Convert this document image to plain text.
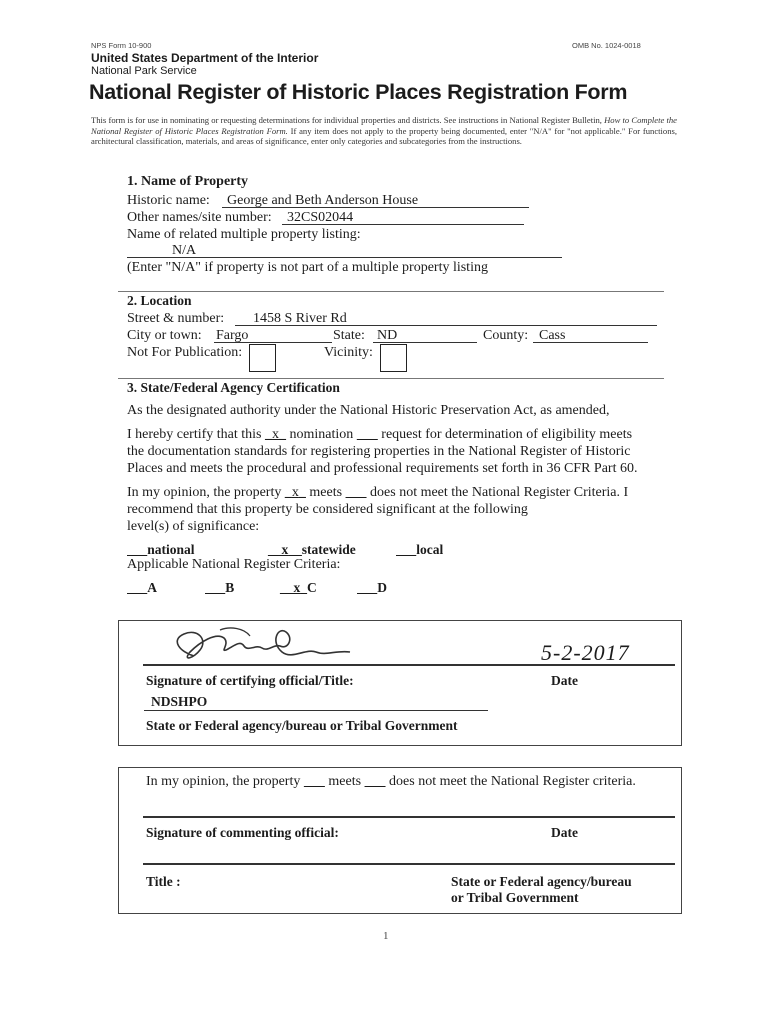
NPS Form 10-900	OMB No. 1024-0018
United States Department of the Interior
National Park Service
National Register of Historic Places Registration Form
This form is for use in nominating or requesting determinations for individual properties and districts. See instructions in National Register Bulletin, How to Complete the National Register of Historic Places Registration Form. If any item does not apply to the property being documented, enter "N/A" for "not applicable." For functions, architectural classification, materials, and areas of significance, enter only categories and subcategories from the instructions.
1. Name of Property
Historic name: George and Beth Anderson House
Other names/site number: 32CS02044
Name of related multiple property listing:
N/A
(Enter "N/A" if property is not part of a multiple property listing
2. Location
Street & number: 1458 S River Rd
City or town: Fargo	State: ND	County: Cass
Not For Publication:	Vicinity:
3. State/Federal Agency Certification
As the designated authority under the National Historic Preservation Act, as amended,
I hereby certify that this _x_ nomination        request for determination of eligibility meets
the documentation standards for registering properties in the National Register of Historic
Places and meets the procedural and professional requirements set forth in 36 CFR Part 60.
In my opinion, the property _x_ meets        does not meet the National Register Criteria. I
recommend that this property be considered significant at the following
level(s) of significance:
national	__x__statewide	local
Applicable National Register Criteria:
A	B	__x_C	D
5-2-2017
Signature of certifying official/Title:	Date
NDSHPO
State or Federal agency/bureau or Tribal Government
In my opinion, the property        meets        does not meet the National Register criteria.
Signature of commenting official:	Date
Title :	State or Federal agency/bureau
or Tribal Government
1
